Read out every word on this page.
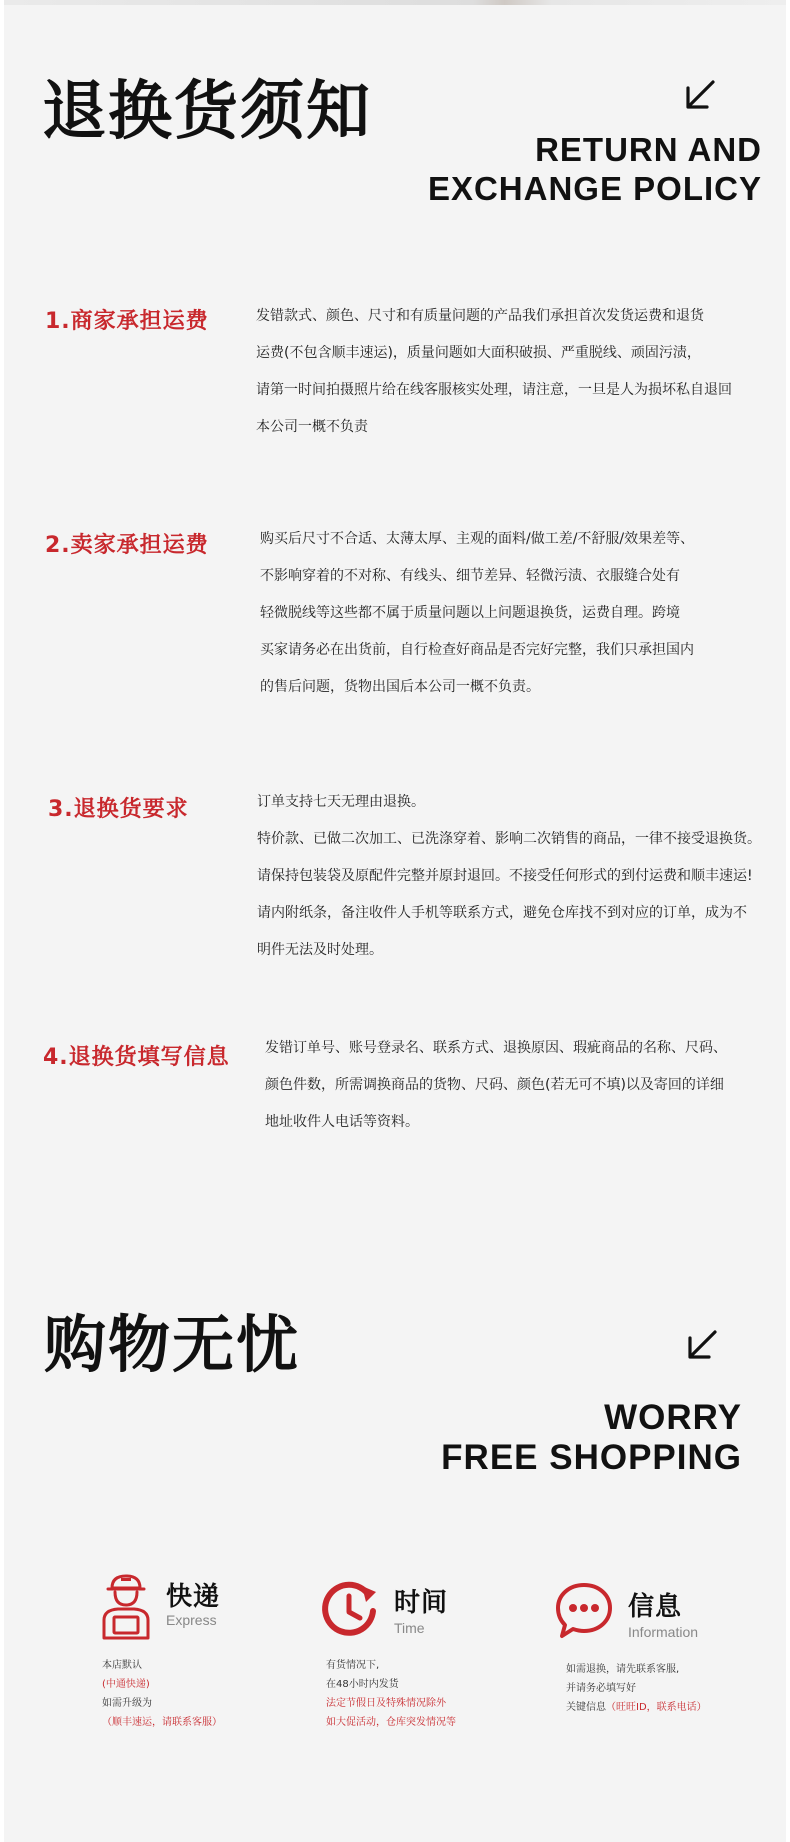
退换货须知
RETURN AND
EXCHANGE POLICY
1.商家承担运费	发错款式、颜色、尺寸和有质量问题的产品我们承担首次发货运费和退货
运费(不包含顺丰速运)，质量问题如大面积破损、严重脱线、顽固污渍，
请第一时间拍摄照片给在线客服核实处理，请注意，一旦是人为损坏私自退回
本公司一概不负责
2.卖家承担运费	购买后尺寸不合适、太薄太厚、主观的面料/做工差/不舒服/效果差等、
不影响穿着的不对称、有线头、细节差异、轻微污渍、衣服缝合处有
轻微脱线等这些都不属于质量问题以上问题退换货，运费自理。跨境
买家请务必在出货前，自行检查好商品是否完好完整，我们只承担国内
的售后问题，货物出国后本公司一概不负责。
3.退换货要求	订单支持七天无理由退换。
特价款、已做二次加工、已洗涤穿着、影响二次销售的商品，一律不接受退换货。
请保持包装袋及原配件完整并原封退回。不接受任何形式的到付运费和顺丰速运!
请内附纸条，备注收件人手机等联系方式，避免仓库找不到对应的订单，成为不
明件无法及时处理。
4.退换货填写信息	发错订单号、账号登录名、联系方式、退换原因、瑕疵商品的名称、尺码、
颜色件数，所需调换商品的货物、尺码、颜色(若无可不填)以及寄回的详细
地址收件人电话等资料。
购物无忧
WORRY
FREE SHOPPING
快递
Express
本店默认
(中通快递)
如需升级为
（顺丰速运，请联系客服）
时间
Time
有货情况下,
在48小时内发货
法定节假日及特殊情况除外
如大促活动，仓库突发情况等
信息
Information
如需退换，请先联系客服,
并请务必填写好
关键信息（旺旺ID，联系电话）
